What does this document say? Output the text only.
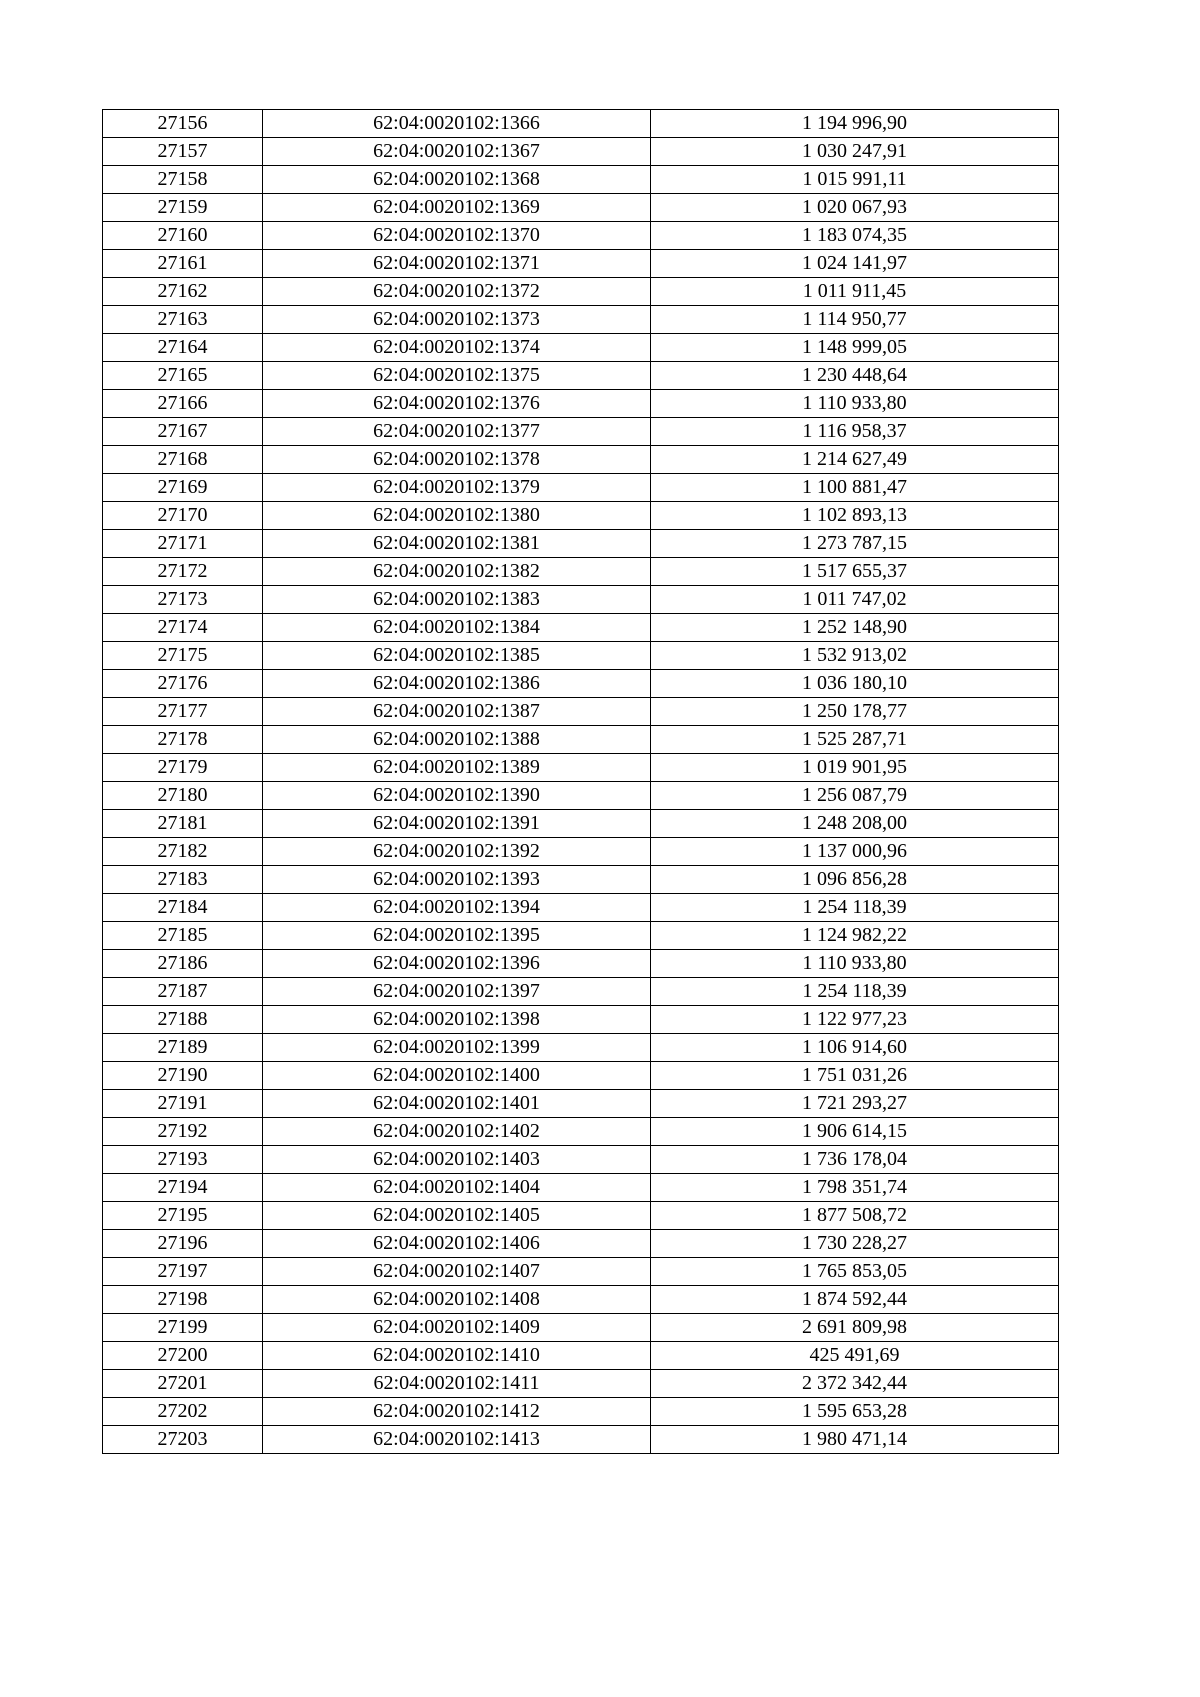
27156	62:04:0020102:1366	1 194 996,90
27157	62:04:0020102:1367	1 030 247,91
27158	62:04:0020102:1368	1 015 991,11
27159	62:04:0020102:1369	1 020 067,93
27160	62:04:0020102:1370	1 183 074,35
27161	62:04:0020102:1371	1 024 141,97
27162	62:04:0020102:1372	1 011 911,45
27163	62:04:0020102:1373	1 114 950,77
27164	62:04:0020102:1374	1 148 999,05
27165	62:04:0020102:1375	1 230 448,64
27166	62:04:0020102:1376	1 110 933,80
27167	62:04:0020102:1377	1 116 958,37
27168	62:04:0020102:1378	1 214 627,49
27169	62:04:0020102:1379	1 100 881,47
27170	62:04:0020102:1380	1 102 893,13
27171	62:04:0020102:1381	1 273 787,15
27172	62:04:0020102:1382	1 517 655,37
27173	62:04:0020102:1383	1 011 747,02
27174	62:04:0020102:1384	1 252 148,90
27175	62:04:0020102:1385	1 532 913,02
27176	62:04:0020102:1386	1 036 180,10
27177	62:04:0020102:1387	1 250 178,77
27178	62:04:0020102:1388	1 525 287,71
27179	62:04:0020102:1389	1 019 901,95
27180	62:04:0020102:1390	1 256 087,79
27181	62:04:0020102:1391	1 248 208,00
27182	62:04:0020102:1392	1 137 000,96
27183	62:04:0020102:1393	1 096 856,28
27184	62:04:0020102:1394	1 254 118,39
27185	62:04:0020102:1395	1 124 982,22
27186	62:04:0020102:1396	1 110 933,80
27187	62:04:0020102:1397	1 254 118,39
27188	62:04:0020102:1398	1 122 977,23
27189	62:04:0020102:1399	1 106 914,60
27190	62:04:0020102:1400	1 751 031,26
27191	62:04:0020102:1401	1 721 293,27
27192	62:04:0020102:1402	1 906 614,15
27193	62:04:0020102:1403	1 736 178,04
27194	62:04:0020102:1404	1 798 351,74
27195	62:04:0020102:1405	1 877 508,72
27196	62:04:0020102:1406	1 730 228,27
27197	62:04:0020102:1407	1 765 853,05
27198	62:04:0020102:1408	1 874 592,44
27199	62:04:0020102:1409	2 691 809,98
27200	62:04:0020102:1410	425 491,69
27201	62:04:0020102:1411	2 372 342,44
27202	62:04:0020102:1412	1 595 653,28
27203	62:04:0020102:1413	1 980 471,14
